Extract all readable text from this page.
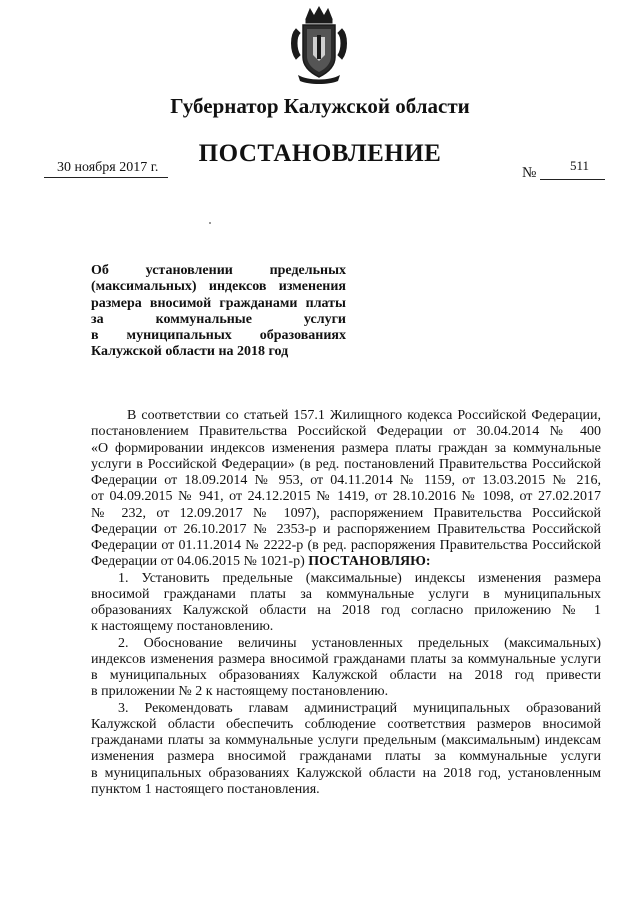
Губернатор Калужской области
ПОСТАНОВЛЕНИЕ
30 ноября 2017 г.	№	511
Об установлении предельных
(максимальных) индексов изменения
размера вносимой гражданами платы
за коммунальные услуги
в муниципальных образованиях
Калужской области на 2018 год
В соответствии со статьей 157.1 Жилищного кодекса Российской Федерации,
постановлением Правительства Российской Федерации от 30.04.2014 № 400
«О формировании индексов изменения размера платы граждан за коммунальные
услуги в Российской Федерации» (в ред. постановлений Правительства Российской
Федерации от 18.09.2014 № 953, от 04.11.2014 № 1159, от 13.03.2015 № 216,
от 04.09.2015 № 941, от 24.12.2015 № 1419, от 28.10.2016 № 1098, от 27.02.2017
№ 232, от 12.09.2017 № 1097), распоряжением Правительства Российской
Федерации от 26.10.2017 № 2353-р и распоряжением Правительства Российской
Федерации от 01.11.2014 № 2222-р (в ред. распоряжения Правительства Российской
Федерации от 04.06.2015 № 1021-р) ПОСТАНОВЛЯЮ:
1. Установить предельные (максимальные) индексы изменения размера
вносимой гражданами платы за коммунальные услуги в муниципальных
образованиях Калужской области на 2018 год согласно приложению № 1
к настоящему постановлению.
2. Обоснование величины установленных предельных (максимальных)
индексов изменения размера вносимой гражданами платы за коммунальные услуги
в муниципальных образованиях Калужской области на 2018 год привести
в приложении № 2 к настоящему постановлению.
3. Рекомендовать главам администраций муниципальных образований
Калужской области обеспечить соблюдение соответствия размеров вносимой
гражданами платы за коммунальные услуги предельным (максимальным) индексам
изменения размера вносимой гражданами платы за коммунальные услуги
в муниципальных образованиях Калужской области на 2018 год, установленным
пунктом 1 настоящего постановления.
